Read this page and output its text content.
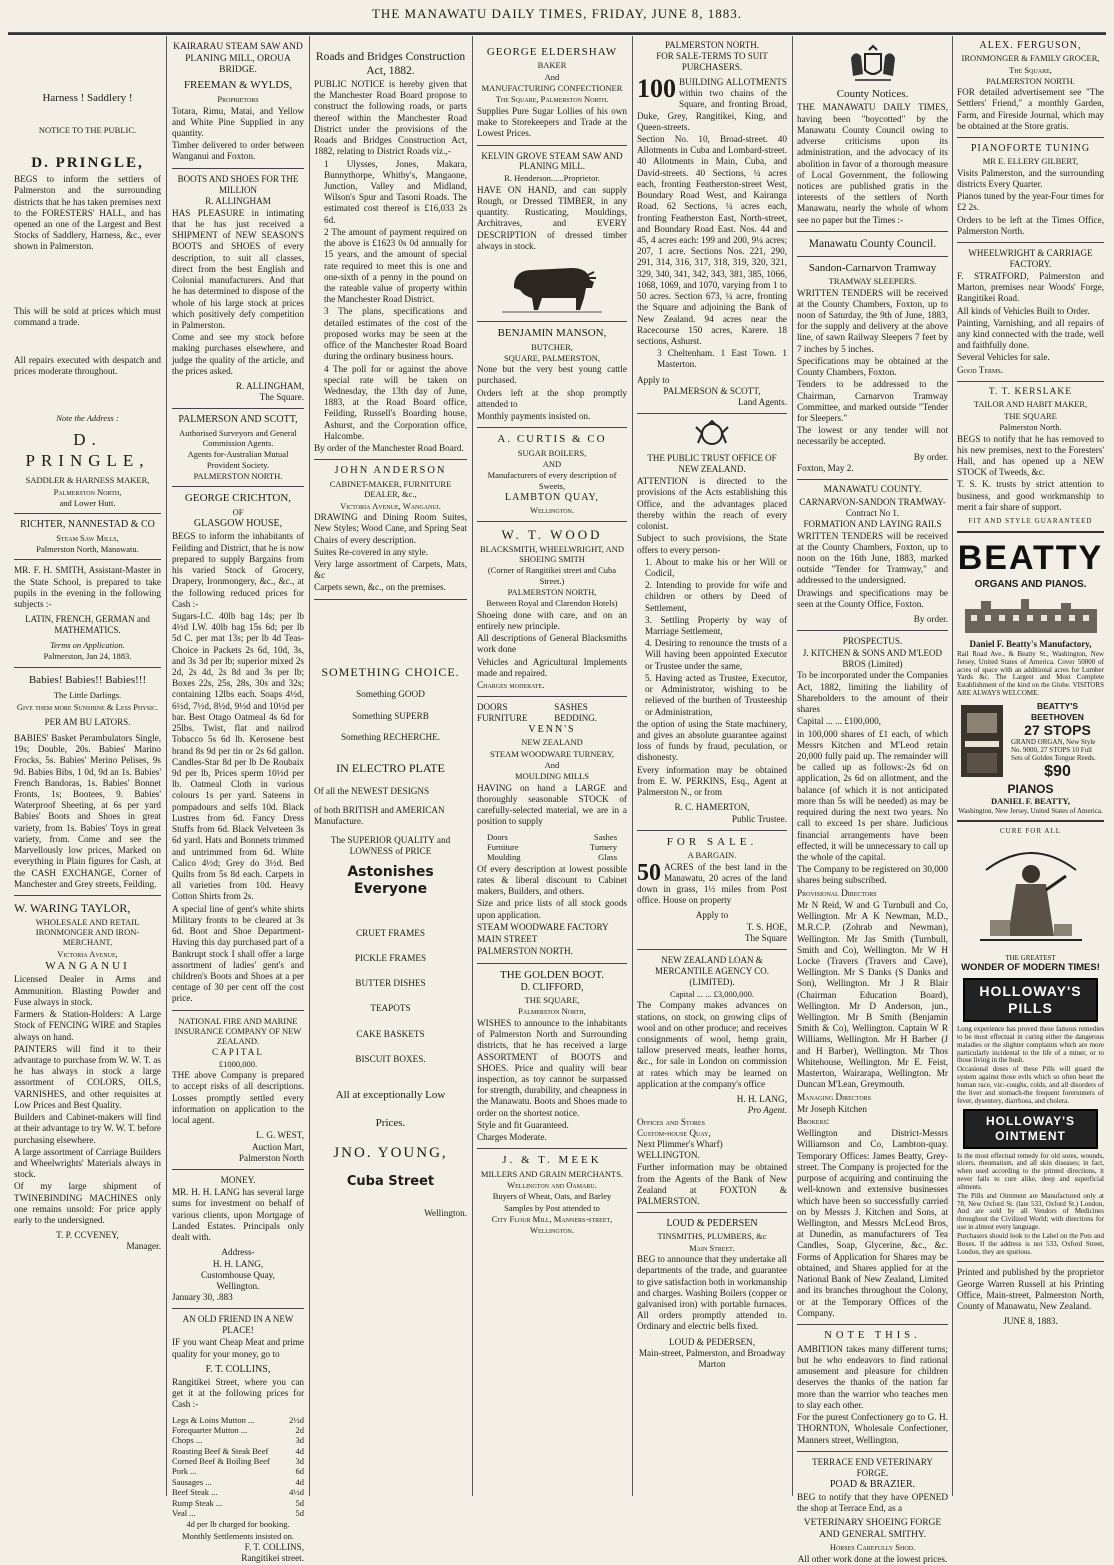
THE MANAWATU DAILY TIMES, FRIDAY, JUNE 8, 1883.
Harness ! Saddlery !
NOTICE TO THE PUBLIC.
D. PRINGLE,

BEGS to inform the settlers of Palmerston and the surrounding districts that he has taken premises next to the FORESTERS' HALL, and has opened an one of the Largest and Best Stocks of Saddlery, Harness, &c., ever shown in Palmerston.

This will be sold at prices which must command a trade.

All repairs executed with despatch and prices moderate throughout.

Note the Address :
D. PRINGLE,
SADDLER & HARNESS MAKER,
Palmerston North,
and Lower Hutt.
RICHTER, NANNESTAD & CO
Steam Saw Mills,
Palmerston North, Manawatu.

MR. F. H. SMITH, Assistant-Master in the State School, is prepared to take pupils in the evening in the following subjects :-

LATIN, FRENCH, GERMAN and MATHEMATICS.
Terms on Application.
Palmerston, Jan 24, 1883.
Babies! Babies!! Babies!!!
The Little Darlings.
Give them more Sunshine & Less Physic.
PER AM BU LATORS.

BABIES' Basket Perambulators Single, 19s; Double, 20s. Babies' Marino Frocks, 5s. Babies' Merino Pelises, 9s 9d. Babies Bibs, 1 0d, 9d an 1s. Babies' French Bandoras, 1s. Babies' Bonnet Fronts, 1s; Bootees, 9. Babies' Waterproof Sheeting, at 6s per yard Babies' Boots and Shoes in great variety, from 1s. Babies' Toys in great variety, from. Come and see the Marvellously low prices, Marked on everything in Plain figures for Cash, at the CASH EXCHANGE, Corner of Manchester and Grey streets, Feilding.

W. WARING TAYLOR,
WHOLESALE AND RETAIL IRONMONGER AND IRON-MERCHANT,
Victoria Avenue,
WANGANUI

Licensed Dealer in Arms and Ammunition. Blasting Powder and Fuse always in stock.

Farmers & Station-Holders: A Large Stock of FENCING WIRE and Staples always on hand.

PAINTERS will find it to their advantage to purchase from W. W. T. as he has always in stock a large assortment of COLORS, OILS, VARNISHES, and other requisites at Low Prices and Best Quality.

Builders and Cabinet-makers will find at their advantage to try W. W. T. before purchasing elsewhere.

A large assortment of Carriage Builders and Wheelwrights' Materials always in stock.

Of my large shipment of TWINEBINDING MACHINES only one remains unsold: For price apply early to the undersigned.

T. P. CCVENEY,
Manager.
KAIRARAU STEAM SAW AND PLANING MILL, OROUA BRIDGE.
FREEMAN & WYLDS,
Proprietors

Totara, Rimu, Matai, and Yellow and White Pine Supplied in any quantity.

Timber delivered to order between Wanganui and Foxton.

BOOTS AND SHOES FOR THE MILLION
R. ALLINGHAM

HAS PLEASURE in intimating that he has just received a SHIPMENT of NEW SEASON'S BOOTS and SHOES of every description, to suit all classes, direct from the best English and Colonial manufacturers. And that he has determined to dispose of the whole of his large stock at prices which positively defy competition in Palmerston.

Come and see my stock before making purchases elsewhere, and judge the quality of the article, and the prices asked.

R. ALLINGHAM,
The Square.
PALMERSON AND SCOTT,
Authorised Surveyors and General Commission Agents.
Agents for-Australian Mutual Provident Society.
PALMERSTON NORTH.
GEORGE CRICHTON,
OF
GLASGOW HOUSE,

BEGS to inform the inhabitants of Feilding and District, that he is now prepared to supply Bargains from his varied Stock of Grocery, Drapery, Ironmongery, &c., &c., at the following reduced prices for Cash :-

Sugars-I.C. 40lb bag 14s; per lb 4½d I.W. 40lb bag 15s 6d; per lb 5d C. per mat 13s; per lb 4d Teas-Choice in Packets 2s 6d, 10d, 3s, and 3s 3d per lb; superior mixed 2s 2d, 2s 4d, 2s 8d and 3s per lb; Boxes 22s, 25s, 28s, 30s and 32s; containing 12lbs each. Soaps 4½d, 6½d, 7½d, 8½d, 9½d and 10½d per bar. Best Otago Oatmeal 4s 6d for 25lbs. Twist, flat and nailrod Tobacco 5s 6d lb. Kerosene best brand 8s 9d per tin or 2s 6d gallon. Candles-Star 8d per lb De Roubaix 9d per lb, Prices sperm 10½d per lb. Oatmeal Cloth in various colours 1s per yard. Sateens in pompadours and selfs 10d. Black Lustres from 6d. Fancy Dress Stuffs from 6d. Black Velveteen 3s 6d yard. Hats and Bonnets trimmed and untrimmed from 6d. White Calico 4½d; Grey do 3½d. Bed Quilts from 5s 8d each. Carpets in all varieties from 10d. Heavy Cotton Shirts from 2s.

A special line of gent's white shirts Military fronts to be cleared at 3s 6d. Boot and Shoe Department-Having this day purchased part of a Bankrupt stock I shall offer a large assortment of ladies' gent's and children's Boots and Shoes at a per centage of 30 per cent off the cost price.

NATIONAL FIRE AND MARINE INSURANCE COMPANY OF NEW ZEALAND.
CAPITAL
£1000,000.

THE above Company is prepared to accept risks of all descriptions. Losses promptly settled every information on application to the local agent.

L. G. WEST,
Auction Mart,
Palmerston North
MONEY.

MR. H. H. LANG has several large sums for investment on behalf of various clients, upon Mortgage of Landed Estates. Principals only dealt with.

Address-
H. H. LANG,
Customhouse Quay,
Wellington.
January 30, .883
AN OLD FRIEND IN A NEW PLACE!

IF you want Cheap Meat and prime quality for your money, go to

F. T. COLLINS,

Rangitikei Street, where you can get it at the following prices for Cash :-

Legs & Loins Mutton ...	2½d
Forequarter Mutton ...	2d
Chops ...	3d
Roasting Beef & Steak Beef	4d
Corned Beef & Boiling Beef	3d
Pork ...	6d
Sausages ...	4d
Beef Steak ...	4½d
Rump Steak ...	5d
Veal ...	5d
4d per lb charged for booking.
Monthly Settlements insisted on.
F. T. COLLINS,
Rangitikei street.
Roads and Bridges Construction Act, 1882.

PUBLIC NOTICE is hereby given that the Manchester Road Board propose to construct the following roads, or parts thereof within the Manchester Road District under the provisions of the Roads and Bridges Construction Act, 1882, relating to District Roads viz.,-

1 Ulysses, Jones, Makara, Bunnythorpe, Whitby's, Mangaone, Junction, Valley and Midland, Wilson's Spur and Tasoni Roads. The estimated cost thereof is £16,033 2s 6d.

2 The amount of payment required on the above is £1623 0s 0d annually for 15 years, and the amount of special rate required to meet this is one and one-sixth of a penny in the pound on the rateable value of property within the Manchester Road District.

3 The plans, specifications and detailed estimates of the cost of the proposed works may be seen at the office of the Manchester Road Board during the ordinary business hours.

4 The poll for or against the above special rate will be taken on Wednesday, the 13th day of June, 1883, at the Road Board office, Feilding, Russell's Boarding house, Ashurst, and the Corporation office, Halcombe.

By order of the Manchester Road Board.

JOHN ANDERSON
CABINET-MAKER, FURNITURE DEALER, &c.,
Victoria Avenue, Wanganui.

DRAWING and Dining Room Suites, New Styles; Wood Cane, and Spring Seat Chairs of every description.

Suites Re-covered in any style.

Very large assortment of Carpets, Mats, &c

Carpets sewn, &c., on the premises.

SOMETHING CHOICE.
Something GOOD
Something SUPERB
Something RECHERCHE.
IN ELECTRO PLATE
Of all the NEWEST DESIGNS
of both BRITISH and AMERICAN
Manufacture.
The SUPERIOR QUALITY and LOWNESS of PRICE
Astonishes Everyone
CRUET FRAMES
PICKLE FRAMES
BUTTER DISHES
TEAPOTS
CAKE BASKETS
BISCUIT BOXES.
All at exceptionally Low
Prices.
JNO. YOUNG,
Cuba Street
Wellington.
GEORGE ELDERSHAW
BAKER
And
MANUFACTURING CONFECTIONER
The Square, Palmerston North.

Supplies Pure Sugar Lollies of his own make to Storekeepers and Trade at the Lowest Prices.

KELVIN GROVE STEAM SAW AND PLANING MILL.
R. Henderson......Proprietor.

HAVE ON HAND, and can supply Rough, or Dressed TIMBER, in any quantity. Rusticating, Mouldings, Architraves, and EVERY DESCRIPTION of dressed timber always in stock.

BENJAMIN MANSON,
BUTCHER,
SQUARE, PALMERSTON,

None but the very best young cattle purchased.

Orders left at the shop promptly attended to

Monthly payments insisted on.

A. CURTIS & CO
SUGAR BOILERS,
AND
Manufacturers of every description of Sweets,
LAMBTON QUAY,
Wellington.
W. T. WOOD
BLACKSMITH, WHEELWRIGHT, AND SHOEING SMITH
(Corner of Rangitikei street and Cuba Street.)
PALMERSTON NORTH,
Between Royal and Clarendon Hotels)

Shoeing done with care, and on an entirely new principle.

All descriptions of General Blacksmiths work done

Vehicles and Agricultural Implements made and repaired.

Charges moderate.

DOORS FURNITURE
SASHES BEDDING.
VENN'S
NEW ZEALAND
STEAM WOODWARE TURNERY,
And
MOULDING MILLS

HAVING on hand a LARGE and thoroughly seasonable STOCK of carefully-selected material, we are in a position to supply

Doors	Sashes
Furniture	Turnery
Moulding	Glass

Of every description at lowest possible rates & liberal discount to Cabinet makers, Builders, and others.

Size and price lists of all stock goods upon application.

STEAM WOODWARE FACTORY

MAIN STREET

PALMERSTON NORTH.

THE GOLDEN BOOT.
D. CLIFFORD,
THE SQUARE,
Palmerston North,

WISHES to announce to the inhabitants of Palmerston North and Surrounding districts, that he has received a large ASSORTMENT of BOOTS and SHOES. Price and quality will bear inspection, as toy cannot be surpassed for strength, durability, and cheapness in the Manawatu. Boots and Shoes made to order on the shortest notice.

Style and fit Guaranteed.

Charges Moderate.

J. & T. MEEK
MILLERS AND GRAIN MERCHANTS.
Wellington and Oamaru.
Buyers of Wheat, Oats, and Barley
Samples by Post attended to
City Flour Mill, Manners-street,
Wellington.
PALMERSTON NORTH.
FOR SALE-TERMS TO SUIT PURCHASERS.
100 BUILDING ALLOTMENTS within two chains of the Square, and fronting Broad, Duke, Grey, Rangitikei, King, and Queen-streets.

Section No. 10, Broad-street. 40 Allotments in Cuba and Lombard-street. 40 Allotments in Main, Cuba, and David-streets. 40 Sections, ¼ acres each, fronting Featherston-street West, Boundary Road West, and Kairanga Road. 62 Sections, ¼ acres each, fronting Featherston East, North-street, and Boundary Road East. Nos. 44 and 45, 4 acres each: 199 and 200, 9¼ acres; 207, 1 acre. Sections Nos. 221, 290, 291, 314, 316, 317, 318, 319, 320, 321, 329, 340, 341, 342, 343, 381, 385, 1066, 1068, 1069, and 1070, varying from 1 to 50 acres. Section 673, ¼ acre, fronting the Square and adjoining the Bank of New Zealand. 94 acres near the Racecourse 150 acres, Karere. 18 sections, Ashurst.

3 Cheltenham. 1 East Town. 1 Masterton.

Apply to
PALMERSON & SCOTT,
Land Agents.
THE PUBLIC TRUST OFFICE OF NEW ZEALAND.

ATTENTION is directed to the provisions of the Acts establishing this Office, and the advantages placed thereby within the reach of every colonist.

Subject to such provisions, the State offers to every person-

1. About to make his or her Will or Codicil,

2. Intending to provide for wife and children or others by Deed of Settlement,

3. Settling Property by way of Marriage Settlement,

4. Desiring to renounce the trusts of a Will having been appointed Executor or Trustee under the same,

5. Having acted as Trustee, Executor, or Administrator, wishing to be relieved of the burthen of Trusteeship or Administration,

the option of using the State machinery, and gives an absolute guarantee against loss of funds by fraud, peculation, or dishonesty.

Every information may be obtained from E. W. PERKINS, Esq., Agent at Palmerston N., or from

R. C. HAMERTON,
Public Trustee.
FOR SALE.
A BARGAIN.
50 ACRES of the best land in the Manawatu, 20 acres of the land down in grass, 1½ miles from Post office. House on property

Apply to
T. S. HOE,
The Square
NEW ZEALAND LOAN & MERCANTILE AGENCY CO. (LIMITED).
Capital ... ... £3,000,000.

The Company makes advances on stations, on stock, on growing clips of wool and on other produce; and receives consignments of wool, hemp grain, tallow preserved meats, leather horns, &c., for sale in London on commission at rates which may be learned on application at the company's office

H. H. LANG,
Pro Agent.
Offices and Stores
Custom-house Quay,
Next Plimmer's Wharf)
WELLINGTON.

Further information may be obtained from the Agents of the Bank of New Zealand at FOXTON & PALMERSTON.

LOUD & PEDERSEN
TINSMITHS, PLUMBERS, &c
Main Street.

BEG to announce that they undertake all departments of the trade, and guarantee to give satisfaction both in workmanship and charges. Washing Boilers (copper or galvanised iron) with portable furnaces. All orders promptly attended to. Ordinary and electric bells fixed.

LOUD & PEDERSEN,
Main-street, Palmerston, and Broadway Marton
County Notices.

THE MANAWATU DAILY TIMES, having been "boycotted" by the Manawatu County Council owing to adverse criticisms upon its administration, and the advocacy of its abolition in favor of a thorough measure of Local Government, the following notices are published gratis in the interests of the settlers of North Manawatu, nearly the whole of whom see no paper but the Times :-

Manawatu County Council.
Sandon-Carnarvon Tramway
TRAMWAY SLEEPERS.

WRITTEN TENDERS will be received at the County Chambers, Foxton, up to noon of Saturday, the 9th of June, 1883, for the supply and delivery at the above line, of sawn Railway Sleepers 7 feet by 7 inches by 5 inches.

Specifications may be obtained at the County Chambers, Foxton.

Tenders to be addressed to the Chairman, Carnarvon Tramway Committee, and marked outside "Tender for Sleepers."

The lowest or any tender will not necessarily be accepted.

By order.
Foxton, May 2.
MANAWATU COUNTY.
CARNARVON-SANDON TRAMWAY-Contract No 1.
FORMATION AND LAYING RAILS

WRITTEN TENDERS will be received at the County Chambers, Foxton, up to noon on the 16th June, 1883, marked outside "Tender for Tramway," and addressed to the undersigned.

Drawings and specifications may be seen at the County Office, Foxton.

By order.
PROSPECTUS.
J. KITCHEN & SONS AND M'LEOD BROS (Limited)

To be incorporated under the Companies Act, 1882, limiting the liability of Shareholders to the amount of their shares

Capital ... ... £100,000,

in 100,000 shares of £1 each, of which Messrs Kitchen and M'Leod retain 20,000 fully paid up. The remainder will be called up as follows:-2s 6d on application, 2s 6d on allotment, and the balance (of which it is not anticipated more than 5s will be needed) as may be required during the next two years. No call to exceed 1s per share. Judicious financial arrangements have been effected, it will be unnecessary to call up the whole of the capital.

The Company to be registered on 30,000 shares being subscribed.

Provisional Directors

Mr N Reid, W and G Turnbull and Co, Wellington. Mr A K Newman, M.D., M.R.C.P. (Zohrab and Newman), Wellington. Mr Jas Smith (Turnbull, Smith and Co), Wellington. Mr W H Locke (Travers (Travers and Cave), Wellington. Mr S Danks (S Danks and Son), Wellington. Mr J R Blair (Chairman Education Board), Wellington. Mr D Anderson, jun., Wellington. Mr B Smith (Benjamin Smith & Co), Wellington. Captain W R Williams, Wellington. Mr H Barber (J and H Barber), Wellington. Mr Thos Whitehouse, Wellington. Mr E. Feist, Masterton, Wairarapa, Wellington. Mr Duncan M'Lean, Greymouth.

Managing Directors

Mr Joseph Kitchen

Brokers:

Wellington and District-Messrs Williamson and Co, Lambton-quay. Temporary Offices: James Beatty, Grey-street. The Company is projected for the purpose of acquiring and continuing the well-known and extensive businesses which have been so successfully carried on by Messrs J. Kitchen and Sons, at Wellington, and Messrs McLeod Bros, at Dunedin, as manufacturers of Tea Candles, Soap, Glycerine, &c., &c. Forms of Application for Shares may be obtained, and Shares applied for at the National Bank of New Zealand, Limited and its branches throughout the Colony, or at the Temporary Offices of the Company.

NOTE THIS.

AMBITION takes many different turns; but he who endeavors to find rational amusement and pleasure for children deserves the thanks of the nation far more than the warrior who teaches men to slay each other.

For the purest Confectionery go to G. H. THORNTON, Wholesale Confectioner, Manners street, Wellington.

TERRACE END VETERINARY FORGE.
POAD & BRAZIER.

BEG to notify that they have OPENED the shop at Terrace End, as a

VETERINARY SHOEING FORGE AND GENERAL SMITHY.
Horses Carefully Shod.
All other work done at the lowest prices.
ALEX. FERGUSON,
IRONMONGER & FAMILY GROCER,
The Square,
PALMERSTON NORTH.

FOR detailed advertisement see "The Settlers' Friend," a monthly Garden, Farm, and Fireside Journal, which may be obtained at the Store gratis.

PIANOFORTE TUNING
MR E. ELLERY GILBERT,

Visits Palmerston, and the surrounding districts Every Quarter.

Pianos tuned by the year-Four times for £2 2s.

Orders to be left at the Times Office, Palmerston North.

WHEELWRIGHT & CARRIAGE FACTORY.

F. STRATFORD, Palmerston and Marton, premises near Woods' Forge, Rangitikei Road.

All kinds of Vehicles Built to Order.

Painting, Varnishing, and all repairs of any kind connected with the trade, well and faithfully done.

Several Vehicles for sale.

Good Terms.

T. T. KERSLAKE
TAILOR AND HABIT MAKER,
THE SQUARE
Palmerston North.

BEGS to notify that he has removed to his new premises, next to the Foresters' Hall, and has opened up a NEW STOCK of Tweeds, &c.

T. S. K. trusts by strict attention to business, and good workmanship to merit a fair share of support.

FIT AND STYLE GUARANTEED
BEATTY
ORGANS AND PIANOS.
Daniel F. Beatty's Manufactory,

Rail Road Ave., & Beatty St., Washington, New Jersey, United States of America. Cover 50000 of acres of space with an additional acres for Lumber Yards &c. The Largest and Most Complete Establishment of the kind on the Globe. VISITORS ARE ALWAYS WELCOME.

BEATTY'S BEETHOVEN
27 STOPS
GRAND ORGAN, New Style No. 9000, 27 STOPS 10 Full Sets of Golden Tongue Reeds.
$90
PIANOS
DANIEL F. BEATTY,
Washington, New Jersey, United States of America.
CURE FOR ALL
THE GREATEST
WONDER OF MODERN TIMES!
HOLLOWAY'S PILLS

Long experience has proved these famous remedies to be most effectual in curing either the dangerous maladies or the slighter complaints which are more particularly incidental to the life of a miner, or to those living in the bush.

Occasional doses of these Pills will guard the system against those evils which so often beset the human race, viz:-coughs, colds, and all disorders of the liver and stomach-the frequent forerunners of fever, dysentery, diarrhoea, and cholera.

HOLLOWAY'S OINTMENT

Is the most effectual remedy for old sores, wounds, ulcers, rheumatism, and all skin diseases; in fact, when used according to the printed directions, it never fails to cure alike, deep and superficial ailments.

The Pills and Ointment are Manufactured only at 78, New Oxford St. (late 533, Oxford St.) London, And are sold by all Vendors of Medicines throughout the Civilized World; with directions for use in almost every language.

Purchasers should look to the Label on the Pots and Boxes. If the address is not 533, Oxford Street, London, they are spurious.

Printed and published by the proprietor George Warren Russell at his Printing Office, Main-street, Palmerston North, County of Manawatu, New Zealand.

JUNE 8, 1883.
